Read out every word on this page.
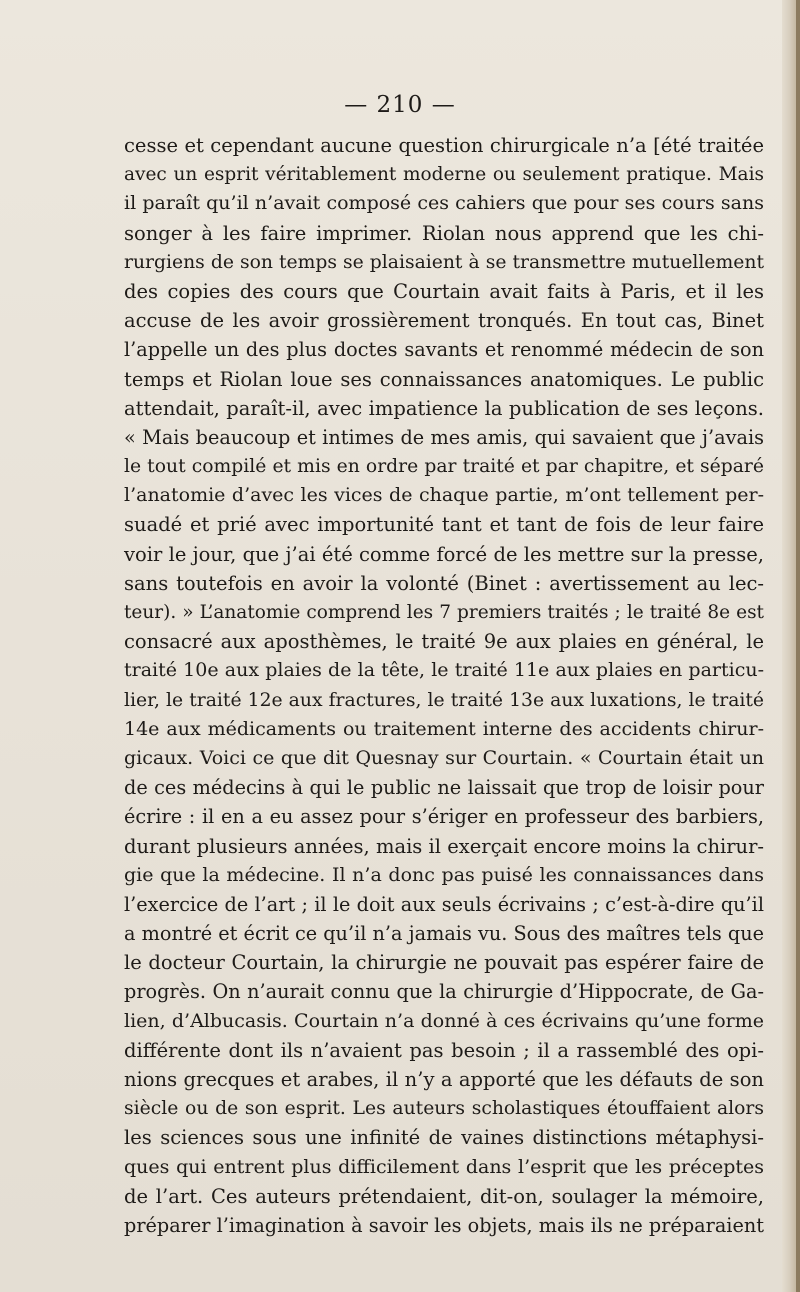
— 210 —
cesse et cependant aucune question chirurgicale n’a [été traitée
avec un esprit véritablement moderne ou seulement pratique. Mais
il paraît qu’il n’avait composé ces cahiers que pour ses cours sans
songer à les faire imprimer. Riolan nous apprend que les chi-
rurgiens de son temps se plaisaient à se transmettre mutuellement
des copies des cours que Courtain avait faits à Paris, et il les
accuse de les avoir grossièrement tronqués. En tout cas, Binet
l’appelle un des plus doctes savants et renommé médecin de son
temps et Riolan loue ses connaissances anatomiques. Le public
attendait, paraît-il, avec impatience la publication de ses leçons.
« Mais beaucoup et intimes de mes amis, qui savaient que j’avais
le tout compilé et mis en ordre par traité et par chapitre, et séparé
l’anatomie d’avec les vices de chaque partie, m’ont tellement per-
suadé et prié avec importunité tant et tant de fois de leur faire
voir le jour, que j’ai été comme forcé de les mettre sur la presse,
sans toutefois en avoir la volonté (Binet : avertissement au lec-
teur). » L’anatomie comprend les 7 premiers traités ; le traité 8e est
consacré aux aposthèmes, le traité 9e aux plaies en général, le
traité 10e aux plaies de la tête, le traité 11e aux plaies en particu-
lier, le traité 12e aux fractures, le traité 13e aux luxations, le traité
14e aux médicaments ou traitement interne des accidents chirur-
gicaux. Voici ce que dit Quesnay sur Courtain. « Courtain était un
de ces médecins à qui le public ne laissait que trop de loisir pour
écrire : il en a eu assez pour s’ériger en professeur des barbiers,
durant plusieurs années, mais il exerçait encore moins la chirur-
gie que la médecine. Il n’a donc pas puisé les connaissances dans
l’exercice de l’art ; il le doit aux seuls écrivains ; c’est-à-dire qu’il
a montré et écrit ce qu’il n’a jamais vu. Sous des maîtres tels que
le docteur Courtain, la chirurgie ne pouvait pas espérer faire de
progrès. On n’aurait connu que la chirurgie d’Hippocrate, de Ga-
lien, d’Albucasis. Courtain n’a donné à ces écrivains qu’une forme
différente dont ils n’avaient pas besoin ; il a rassemblé des opi-
nions grecques et arabes, il n’y a apporté que les défauts de son
siècle ou de son esprit. Les auteurs scholastiques étouffaient alors
les sciences sous une infinité de vaines distinctions métaphysi-
ques qui entrent plus difficilement dans l’esprit que les préceptes
de l’art. Ces auteurs prétendaient, dit-on, soulager la mémoire,
préparer l’imagination à savoir les objets, mais ils ne préparaient
